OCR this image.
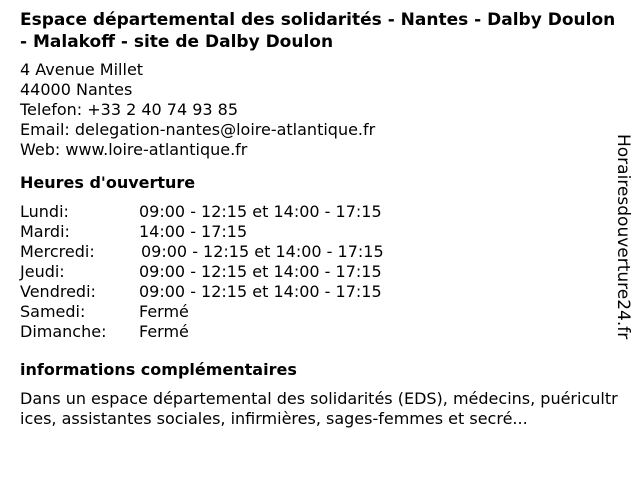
Espace départemental des solidarités - Nantes - Dalby Doulon - Malakoff - site de Dalby Doulon
4 Avenue Millet
44000 Nantes
Telefon: +33 2 40 74 93 85
Email: delegation-nantes@loire-atlantique.fr
Web: www.loire-atlantique.fr
Heures d'ouverture
Lundi:	09:00 - 12:15 et 14:00 - 17:15
Mardi:	14:00 - 17:15
Mercredi:	09:00 - 12:15 et 14:00 - 17:15
Jeudi:	09:00 - 12:15 et 14:00 - 17:15
Vendredi:	09:00 - 12:15 et 14:00 - 17:15
Samedi:	Fermé
Dimanche: Fermé
informations complémentaires
Dans un espace départemental des solidarités (EDS), médecins, puéricultrices, assistantes sociales, infirmières, sages-femmes et secré...
Horairesdouverture24.fr
